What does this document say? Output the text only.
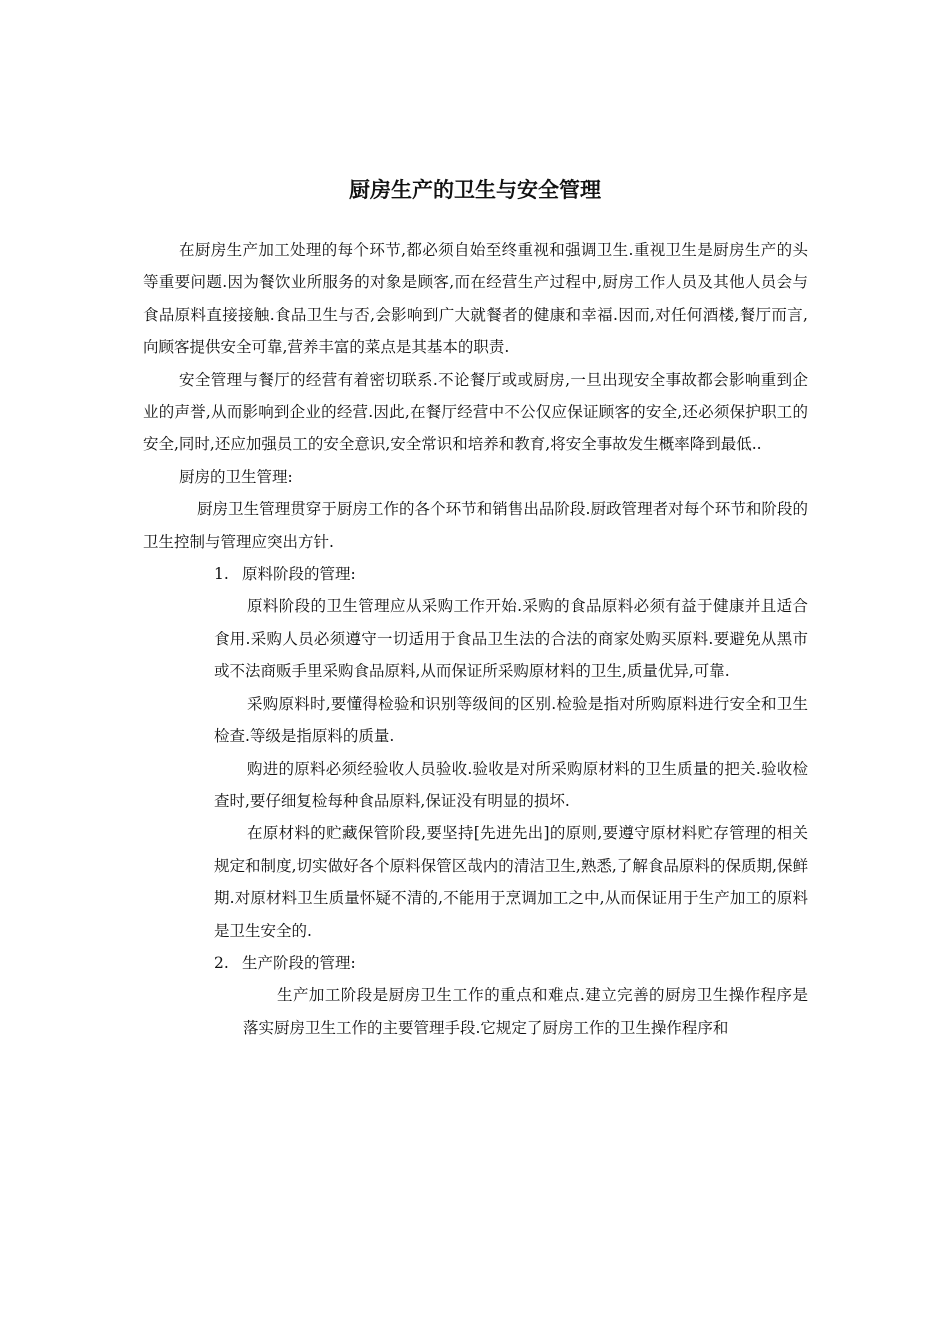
厨房生产的卫生与安全管理

在厨房生产加工处理的每个环节,都必须自始至终重视和强调卫生.重视卫生是厨房生产的头等重要问题.因为餐饮业所服务的对象是顾客,而在经营生产过程中,厨房工作人员及其他人员会与食品原料直接接触.食品卫生与否,会影响到广大就餐者的健康和幸福.因而,对任何酒楼,餐厅而言,向顾客提供安全可靠,营养丰富的菜点是其基本的职责.

安全管理与餐厅的经营有着密切联系.不论餐厅或或厨房,一旦出现安全事故都会影响重到企业的声誉,从而影响到企业的经营.因此,在餐厅经营中不公仅应保证顾客的安全,还必须保护职工的安全,同时,还应加强员工的安全意识,安全常识和培养和教育,将安全事故发生概率降到最低..

厨房的卫生管理:

厨房卫生管理贯穿于厨房工作的各个环节和销售出品阶段.厨政管理者对每个环节和阶段的卫生控制与管理应突出方针.

1. 原料阶段的管理:

原料阶段的卫生管理应从采购工作开始.采购的食品原料必须有益于健康并且适合食用.采购人员必须遵守一切适用于食品卫生法的合法的商家处购买原料.要避免从黑市或不法商贩手里采购食品原料,从而保证所采购原材料的卫生,质量优异,可靠.

采购原料时,要懂得检验和识别等级间的区别.检验是指对所购原料进行安全和卫生检查.等级是指原料的质量.

购进的原料必须经验收人员验收.验收是对所采购原材料的卫生质量的把关.验收检查时,要仔细复检每种食品原料,保证没有明显的损坏.

在原材料的贮藏保管阶段,要坚持[先进先出]的原则,要遵守原材料贮存管理的相关规定和制度,切实做好各个原料保管区哉内的清洁卫生,熟悉,了解食品原料的保质期,保鲜期.对原材料卫生质量怀疑不清的,不能用于烹调加工之中,从而保证用于生产加工的原料是卫生安全的.

2. 生产阶段的管理:

生产加工阶段是厨房卫生工作的重点和难点.建立完善的厨房卫生操作程序是落实厨房卫生工作的主要管理手段.它规定了厨房工作的卫生操作程序和
